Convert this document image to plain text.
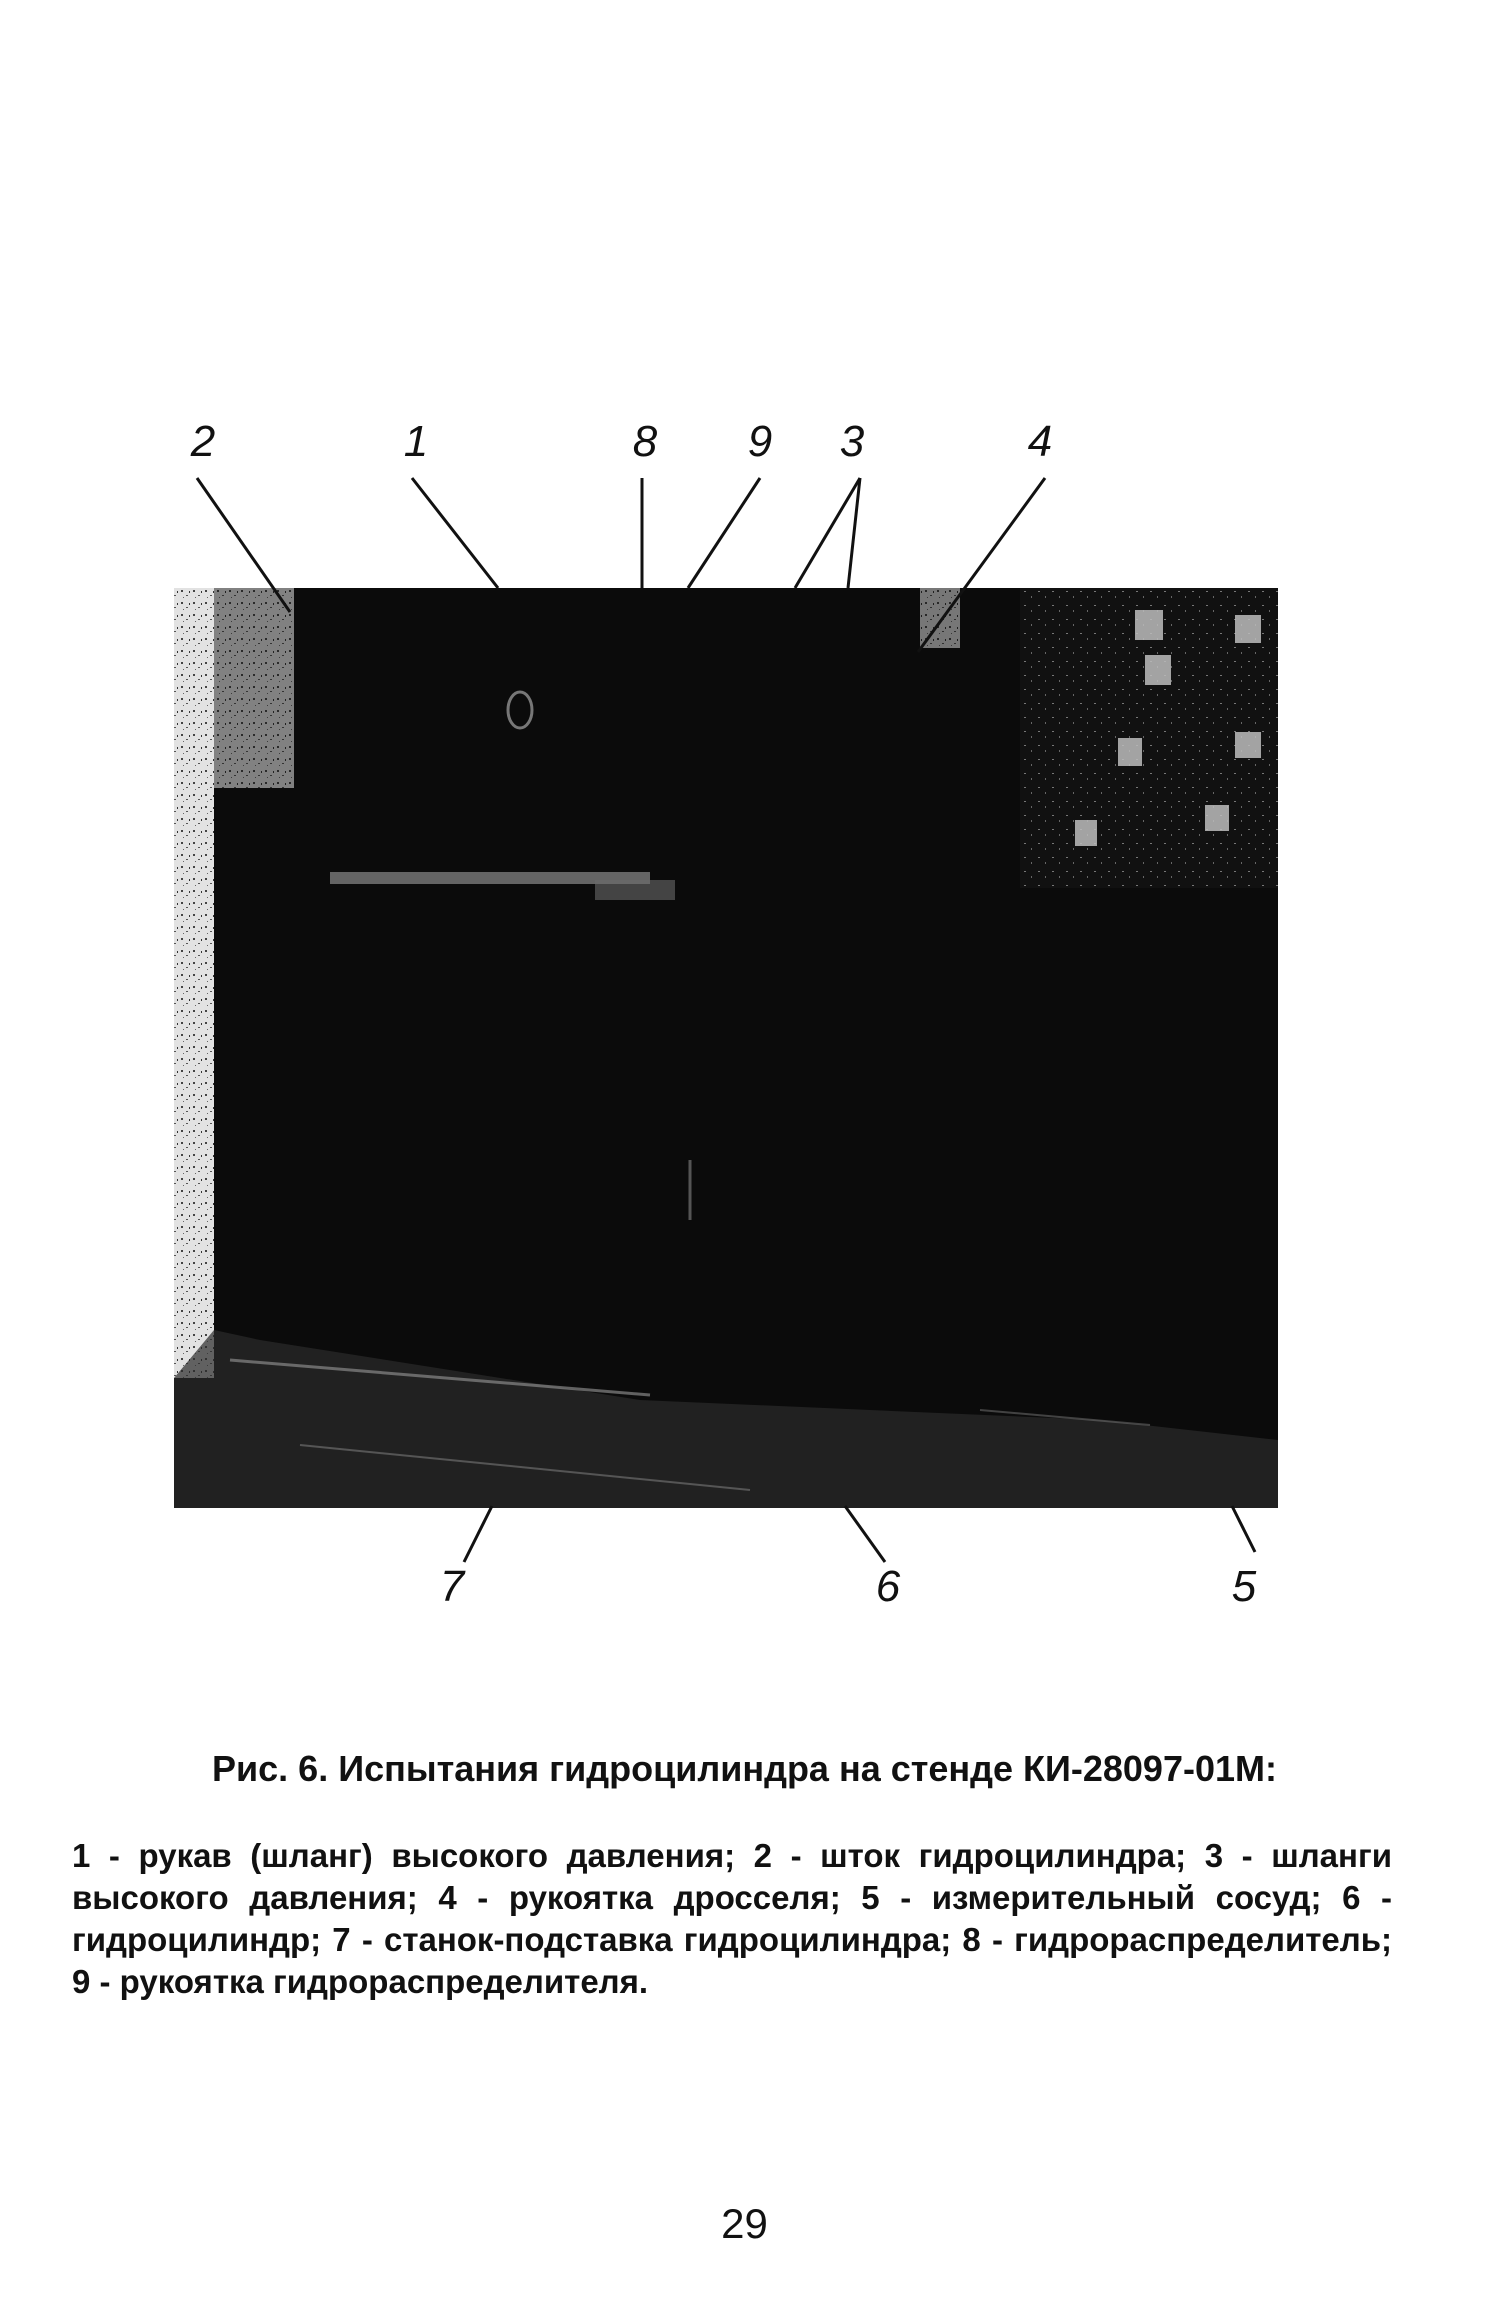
2	1	8 9 3	4
7	6	5
Рис. 6. Испытания гидроцилиндра на стенде КИ-28097-01М:
1 - рукав (шланг) высокого давления; 2 - шток гидроцилиндра; 3 - шланги высокого давления; 4 - рукоятка дросселя; 5 - измерительный сосуд; 6 - гидроцилиндр; 7 - станок-подставка гидроцилиндра; 8 - гидрораспределитель; 9 - рукоятка гидрораспределителя.
29
